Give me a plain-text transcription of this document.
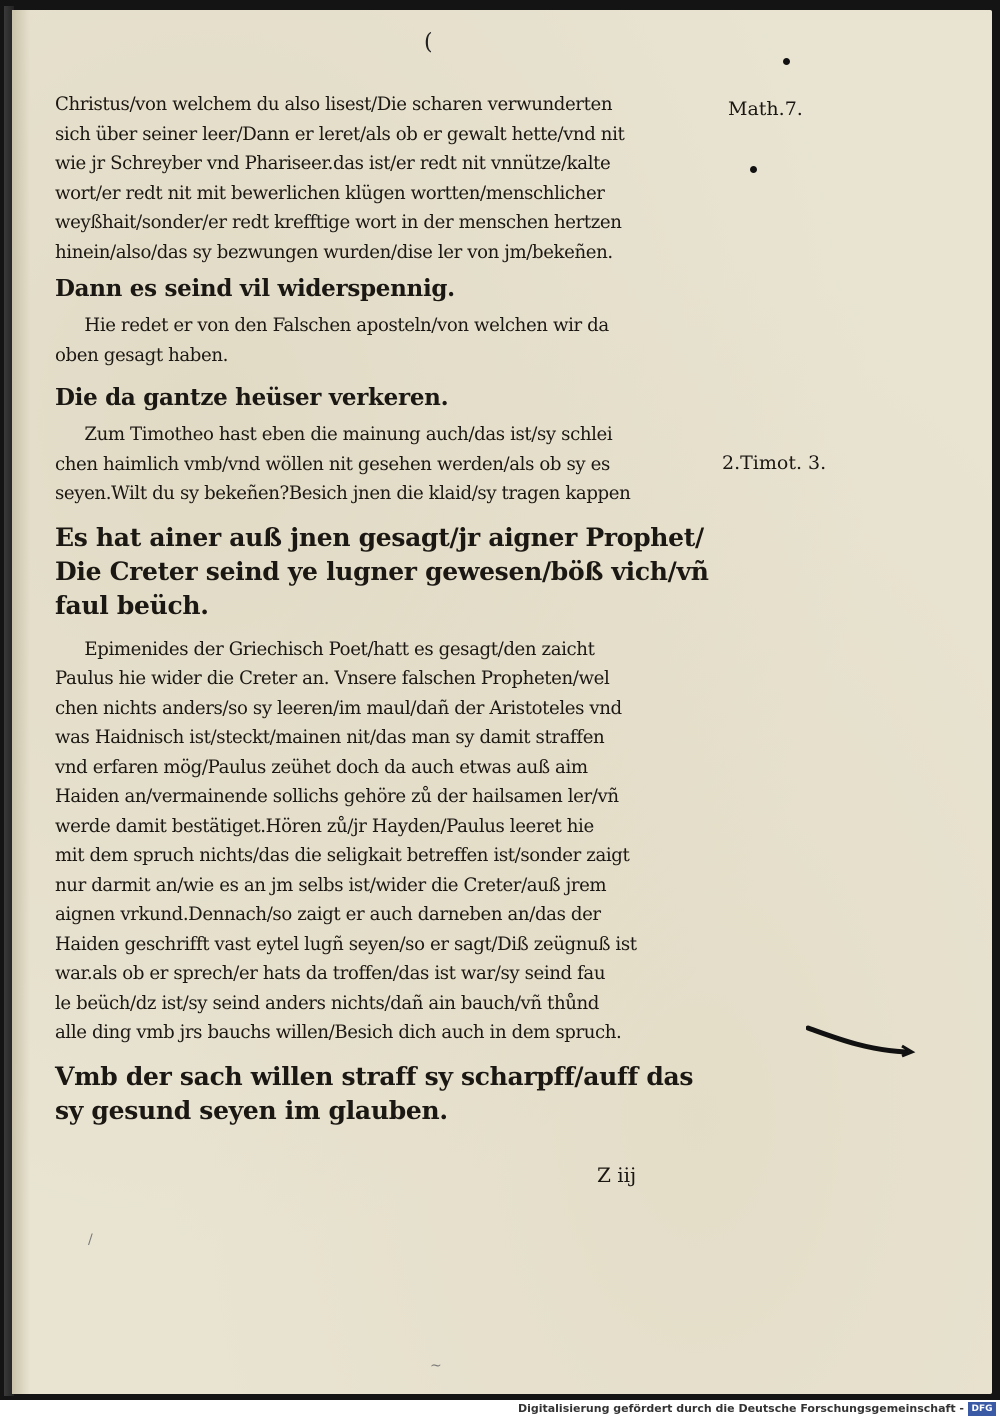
(
Math.7.
2.Timot. 3.
Christus/von welchem du also lisest/Die scharen verwunderten
sich über seiner leer/Dann er leret/als ob er gewalt hette/vnd nit
wie jr Schreyber vnd Phariseer.das ist/er redt nit vnnütze/kalte
wort/er redt nit mit bewerlichen klügen wortten/menschlicher
weyßhait/sonder/er redt krefftige wort in der menschen hertzen
hinein/also/das sy bezwungen wurden/dise ler von jm/bekeñen.
Dann es seind vil widerspennig.
Hie redet er von den Falschen aposteln/von welchen wir da
oben gesagt haben.
Die da gantze heüser verkeren.
Zum Timotheo hast eben die mainung auch/das ist/sy schlei
chen haimlich vmb/vnd wöllen nit gesehen werden/als ob sy es
seyen.Wilt du sy bekeñen?Besich jnen die klaid/sy tragen kappen
Es hat ainer auß jnen gesagt/jr aigner Prophet/
Die Creter seind ye lugner gewesen/böß vich/vñ
faul beüch.
Epimenides der Griechisch Poet/hatt es gesagt/den zaicht
Paulus hie wider die Creter an. Vnsere falschen Propheten/wel
chen nichts anders/so sy leeren/im maul/dañ der Aristoteles vnd
was Haidnisch ist/steckt/mainen nit/das man sy damit straffen
vnd erfaren mög/Paulus zeühet doch da auch etwas auß aim
Haiden an/vermainende sollichs gehöre zů der hailsamen ler/vñ
werde damit bestätiget.Hören zů/jr Hayden/Paulus leeret hie
mit dem spruch nichts/das die seligkait betreffen ist/sonder zaigt
nur darmit an/wie es an jm selbs ist/wider die Creter/auß jrem
aignen vrkund.Dennach/so zaigt er auch darneben an/das der
Haiden geschrifft vast eytel lugñ seyen/so er sagt/Diß zeügnuß ist
war.als ob er sprech/er hats da troffen/das ist war/sy seind fau
le beüch/dz ist/sy seind anders nichts/dañ ain bauch/vñ thůnd
alle ding vmb jrs bauchs willen/Besich dich auch in dem spruch.
Vmb der sach willen straff sy scharpff/auff das
sy gesund seyen im glauben.
Z iij
/
~
Digitalisierung gefördert durch die Deutsche Forschungsgemeinschaft - DFG
